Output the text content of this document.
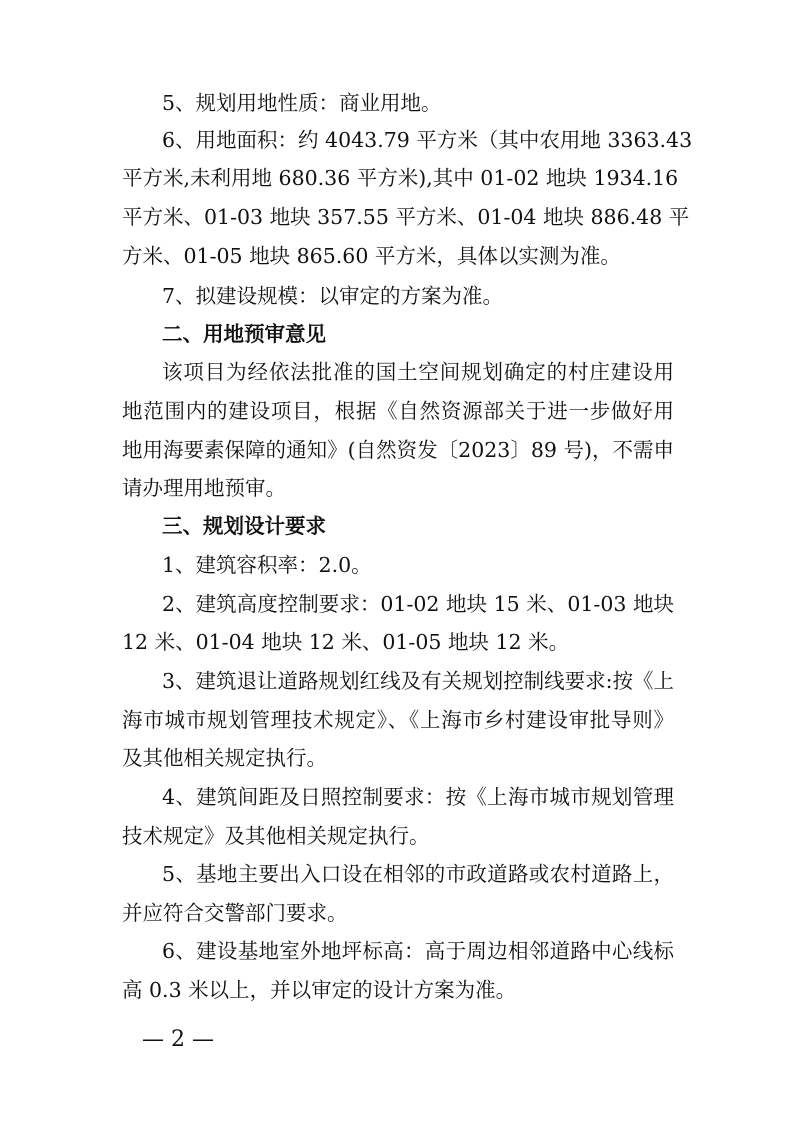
5、规划用地性质：商业用地。
6、用地面积：约 4043.79 平方米（其中农用地 3363.43
平方米,未利用地 680.36 平方米),其中 01-02 地块 1934.16
平方米、01-03 地块 357.55 平方米、01-04 地块 886.48 平
方米、01-05 地块 865.60 平方米，具体以实测为准。
7、拟建设规模：以审定的方案为准。
二、用地预审意见
该项目为经依法批准的国土空间规划确定的村庄建设用
地范围内的建设项目，根据《自然资源部关于进一步做好用
地用海要素保障的通知》(自然资发〔2023〕89 号)，不需申
请办理用地预审。
三、规划设计要求
1、建筑容积率：2.0。
2、建筑高度控制要求：01-02 地块 15 米、01-03 地块
12 米、01-04 地块 12 米、01-05 地块 12 米。
3、建筑退让道路规划红线及有关规划控制线要求:按《上
海市城市规划管理技术规定》、《上海市乡村建设审批导则》
及其他相关规定执行。
4、建筑间距及日照控制要求：按《上海市城市规划管理
技术规定》及其他相关规定执行。
5、基地主要出入口设在相邻的市政道路或农村道路上，
并应符合交警部门要求。
6、建设基地室外地坪标高：高于周边相邻道路中心线标
高 0.3 米以上，并以审定的设计方案为准。
— 2 —
